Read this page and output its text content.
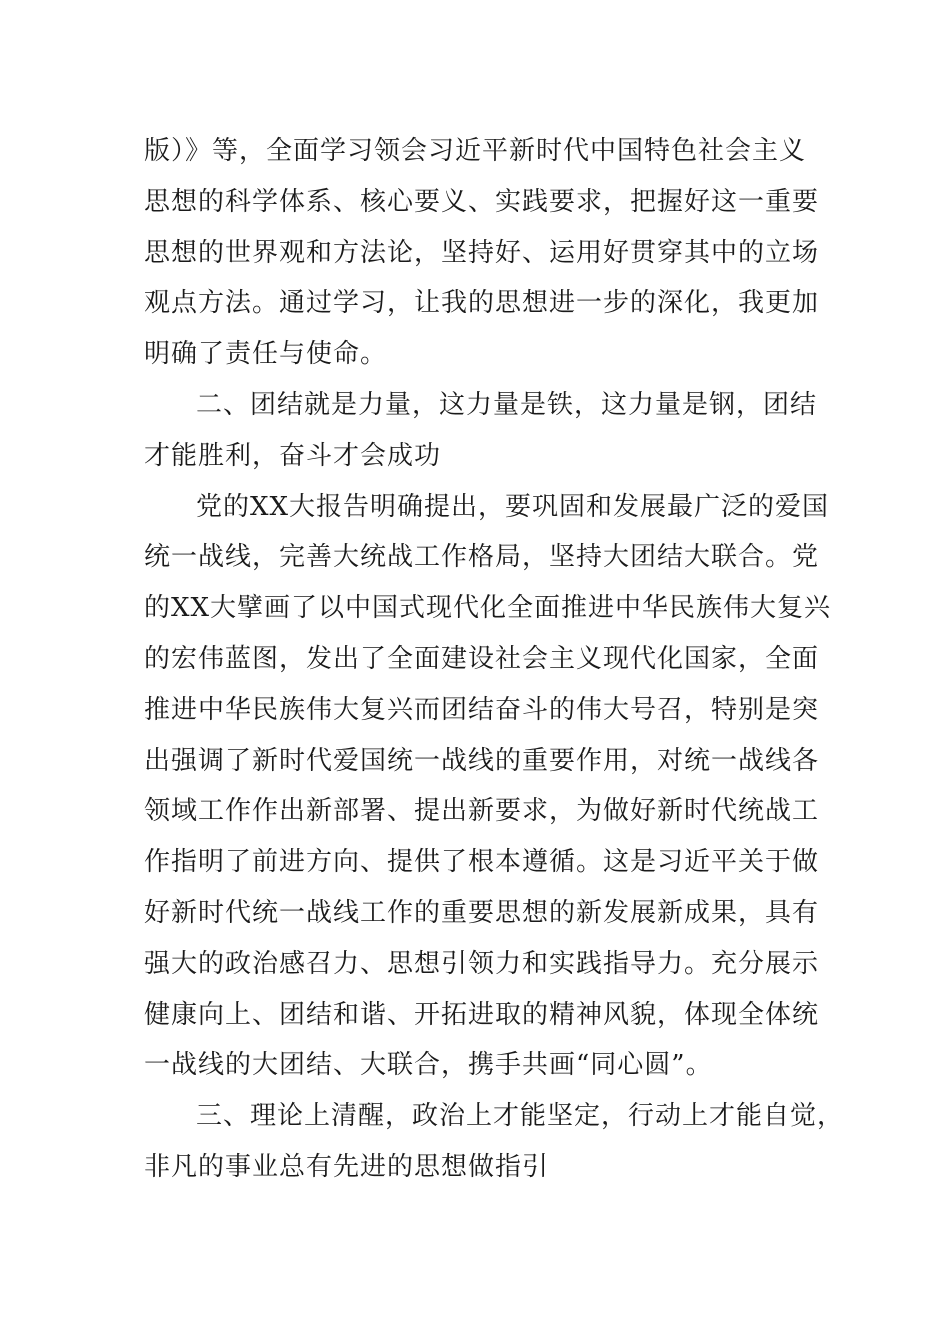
版）》等，全面学习领会习近平新时代中国特色社会主义
思想的科学体系、核心要义、实践要求，把握好这一重要
思想的世界观和方法论，坚持好、运用好贯穿其中的立场
观点方法。通过学习，让我的思想进一步的深化，我更加
明确了责任与使命。
二、团结就是力量，这力量是铁，这力量是钢，团结
才能胜利，奋斗才会成功
党的XX大报告明确提出，要巩固和发展最广泛的爱国
统一战线，完善大统战工作格局，坚持大团结大联合。党
的XX大擘画了以中国式现代化全面推进中华民族伟大复兴
的宏伟蓝图，发出了全面建设社会主义现代化国家，全面
推进中华民族伟大复兴而团结奋斗的伟大号召，特别是突
出强调了新时代爱国统一战线的重要作用，对统一战线各
领域工作作出新部署、提出新要求，为做好新时代统战工
作指明了前进方向、提供了根本遵循。这是习近平关于做
好新时代统一战线工作的重要思想的新发展新成果，具有
强大的政治感召力、思想引领力和实践指导力。充分展示
健康向上、团结和谐、开拓进取的精神风貌，体现全体统
一战线的大团结、大联合，携手共画“同心圆”。
三、理论上清醒，政治上才能坚定，行动上才能自觉，
非凡的事业总有先进的思想做指引
